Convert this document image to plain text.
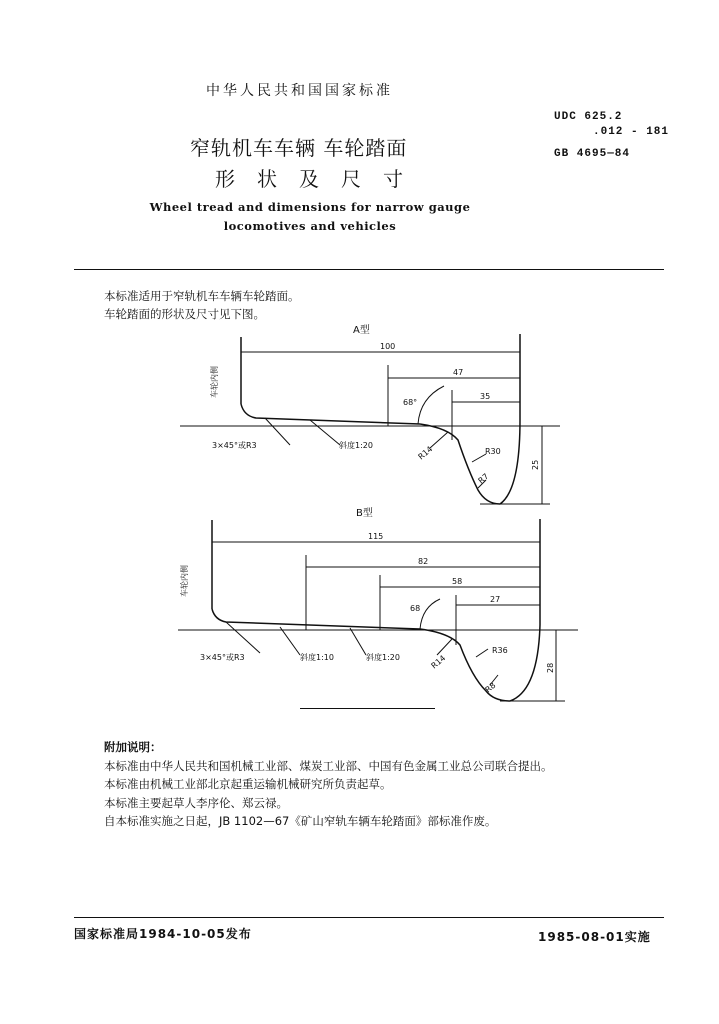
中华人民共和国国家标准
窄轨机车车辆 车轮踏面
形状及尺寸
Wheel tread and dimensions for narrow gauge
locomotives and vehicles
UDC 625.2
.012 - 181
GB 4695—84
本标准适用于窄轨机车车辆车轮踏面。
车轮踏面的形状及尺寸见下图。
A型
100
47
35
68°
3×45°或R3	斜度1:20	R14	R30
R7
25
车轮内侧
B型
115
82
58
27
68
3×45°或R3	斜度1:10	斜度1:20	R14
R36
R8
28
车轮内侧
附加说明：
本标准由中华人民共和国机械工业部、煤炭工业部、中国有色金属工业总公司联合提出。
本标准由机械工业部北京起重运输机械研究所负责起草。
本标准主要起草人李序伦、郑云禄。
自本标准实施之日起，JB 1102—67《矿山窄轨车辆车轮踏面》部标准作废。
国家标准局1984-10-05发布	1985-08-01实施
